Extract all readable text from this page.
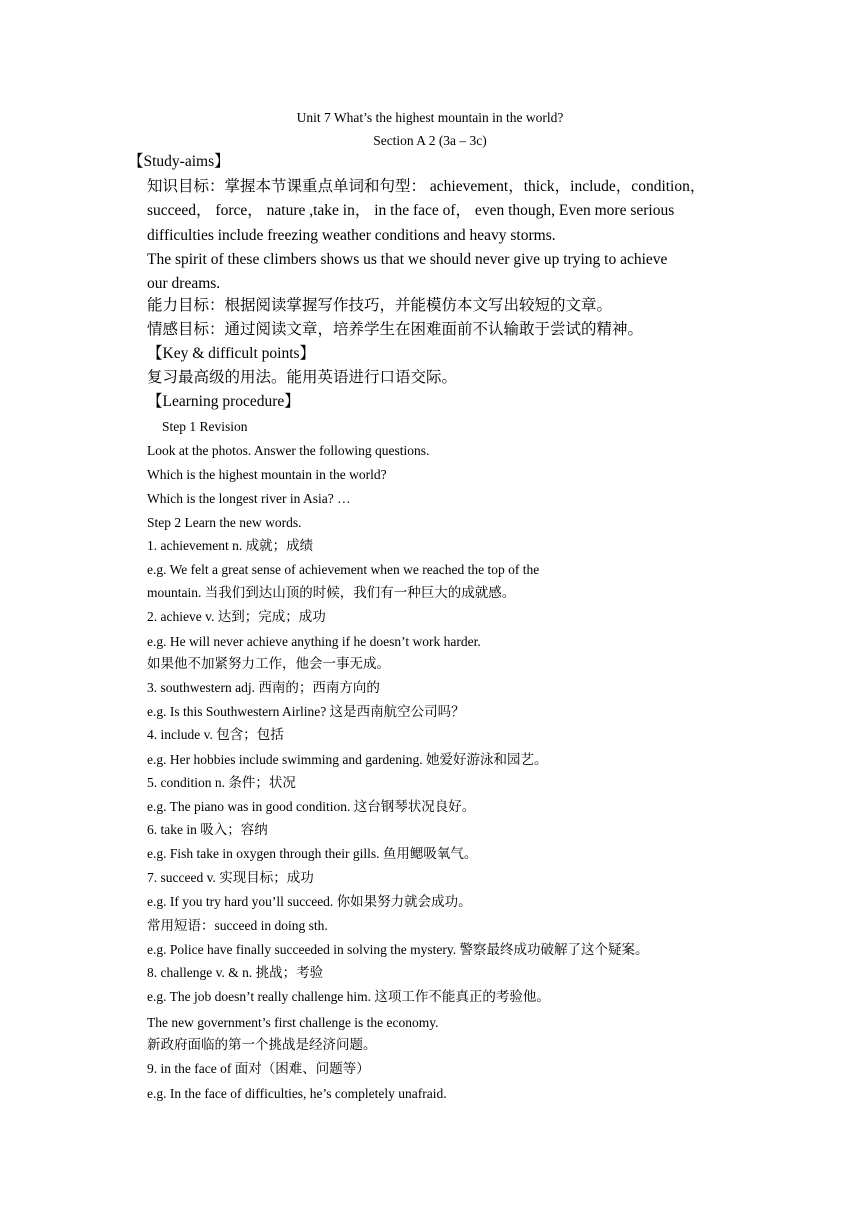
Unit 7 What’s the highest mountain in the world?
Section A 2 (3a – 3c)
【Study-aims】
知识目标：掌握本节课重点单词和句型： achievement，thick，include，condition，
succeed， force， nature ,take in， in the face of， even though, Even more serious
difficulties include freezing weather conditions and heavy storms.
The spirit of these climbers shows us that we should never give up trying to achieve
our dreams.
能力目标：根据阅读掌握写作技巧，并能模仿本文写出较短的文章。
情感目标：通过阅读文章，培养学生在困难面前不认输敢于尝试的精神。
【Key & difficult points】
复习最高级的用法。能用英语进行口语交际。
【Learning procedure】
Step 1 Revision
Look at the photos. Answer the following questions.
Which is the highest mountain in the world?
Which is the longest river in Asia? …
Step 2 Learn the new words.
1. achievement n. 成就；成绩
e.g. We felt a great sense of achievement when we reached the top of the
mountain. 当我们到达山顶的时候，我们有一种巨大的成就感。
2. achieve v. 达到；完成；成功
e.g. He will never achieve anything if he doesn’t work harder.
如果他不加紧努力工作，他会一事无成。
3. southwestern adj. 西南的；西南方向的
e.g. Is this Southwestern Airline? 这是西南航空公司吗？
4. include v. 包含；包括
e.g. Her hobbies include swimming and gardening. 她爱好游泳和园艺。
5. condition n. 条件；状况
e.g. The piano was in good condition. 这台钢琴状况良好。
6. take in 吸入；容纳
e.g. Fish take in oxygen through their gills. 鱼用鳃吸氧气。
7. succeed v. 实现目标；成功
e.g. If you try hard you’ll succeed. 你如果努力就会成功。
常用短语：succeed in doing sth.
e.g. Police have finally succeeded in solving the mystery. 警察最终成功破解了这个疑案。
8. challenge v. & n. 挑战；考验
e.g. The job doesn’t really challenge him. 这项工作不能真正的考验他。
The new government’s first challenge is the economy.
新政府面临的第一个挑战是经济问题。
9. in the face of 面对（困难、问题等）
e.g. In the face of difficulties, he’s completely unafraid.
